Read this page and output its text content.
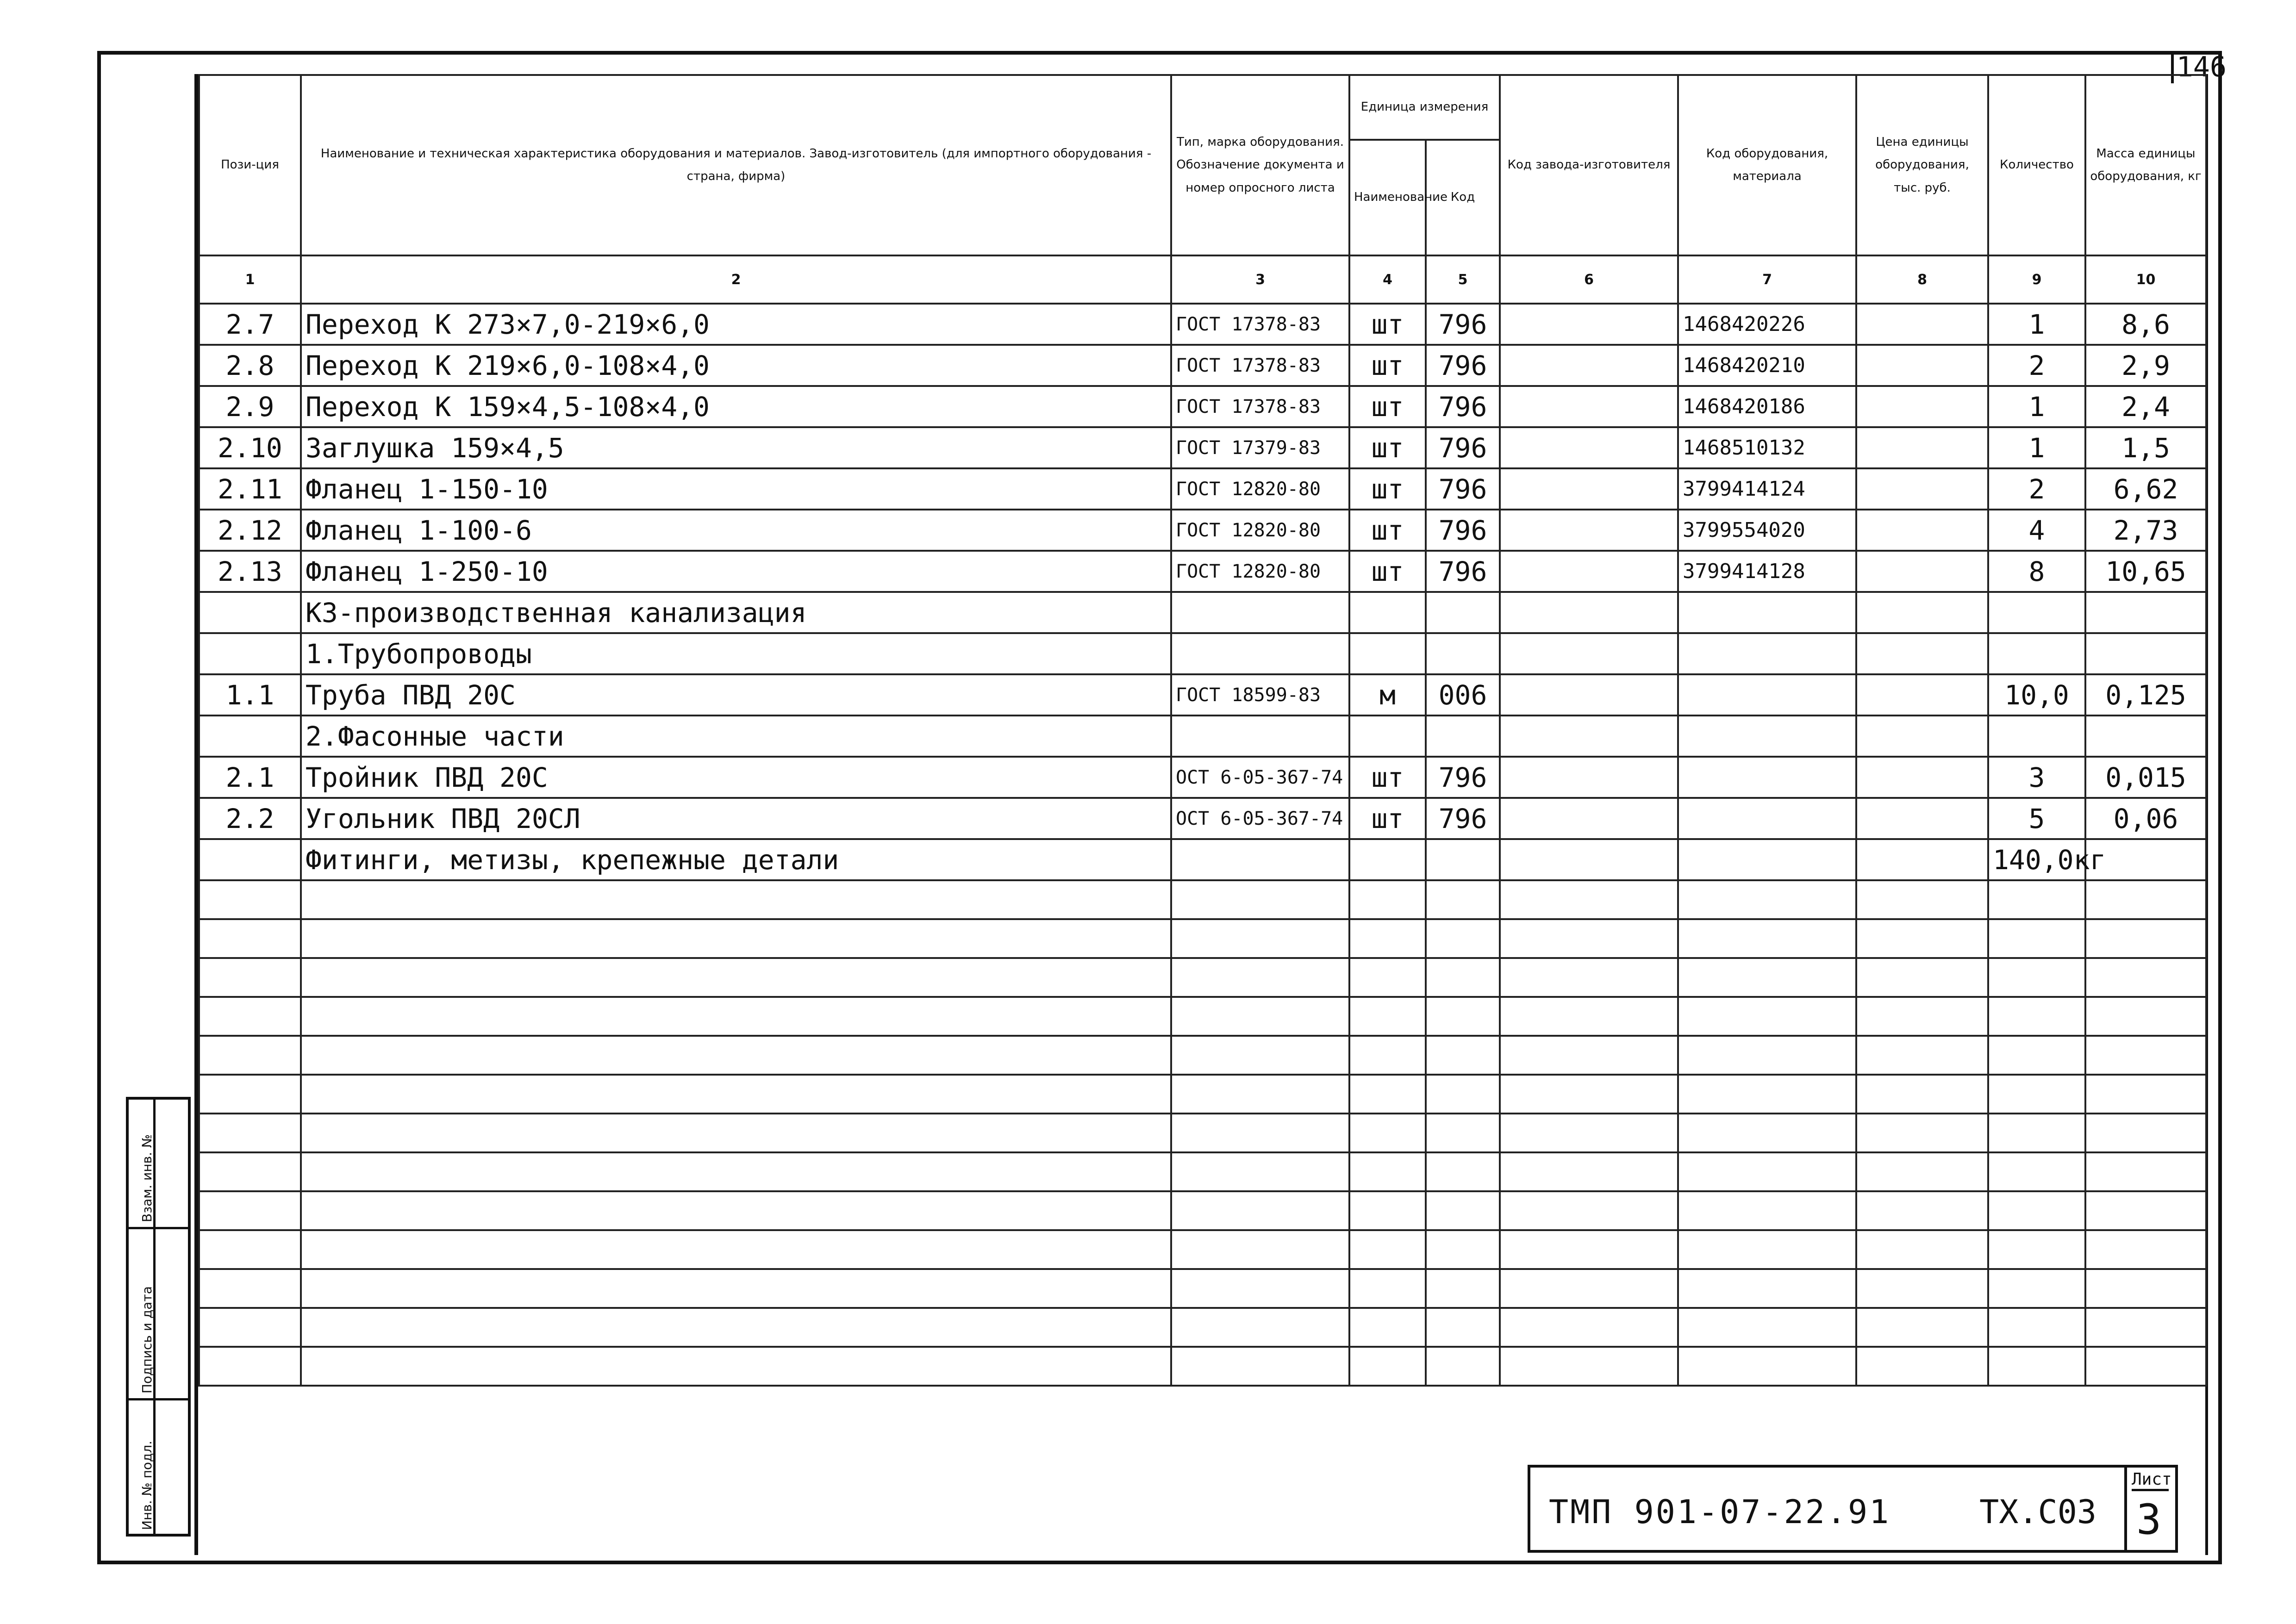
146
Пози-ция	Наименование и техническая характеристика оборудования и материалов. Завод-изготовитель (для импортного оборудования - страна, фирма)	Тип, марка оборудования. Обозначение документа и номер опросного листа	Единица измерения		Код завода-изготовителя	Код оборудования, материала	Цена единицы оборудования, тыс. руб.	Количество	Масса единицы оборудования, кг
			Наименование	Код					
1	2	3	4	5	6	7	8	9	10
2.7	Переход К 273×7,0-219×6,0	ГОСТ 17378-83	шт	796		1468420226		1	8,6
2.8	Переход К 219×6,0-108×4,0	ГОСТ 17378-83	шт	796		1468420210		2	2,9
2.9	Переход К 159×4,5-108×4,0	ГОСТ 17378-83	шт	796		1468420186		1	2,4
2.10	Заглушка 159×4,5	ГОСТ 17379-83	шт	796		1468510132		1	1,5
2.11	Фланец 1-150-10	ГОСТ 12820-80	шт	796		3799414124		2	6,62
2.12	Фланец 1-100-6	ГОСТ 12820-80	шт	796		3799554020		4	2,73
2.13	Фланец 1-250-10	ГОСТ 12820-80	шт	796		3799414128		8	10,65
	К3-производственная канализация								
	1.Трубопроводы								
1.1	Труба ПВД 20С	ГОСТ 18599-83	м	006				10,0	0,125
	2.Фасонные части								
2.1	Тройник ПВД 20С	ОСТ 6-05-367-74	шт	796				3	0,015
2.2	Угольник ПВД 20СЛ	ОСТ 6-05-367-74	шт	796				5	0,06
	Фитинги, метизы, крепежные детали							140,0кг	

Взам. инв. №
Подпись и дата
Инв. № подл.	ТМП 901-07-22.91	ТХ.С03
Лист
3
